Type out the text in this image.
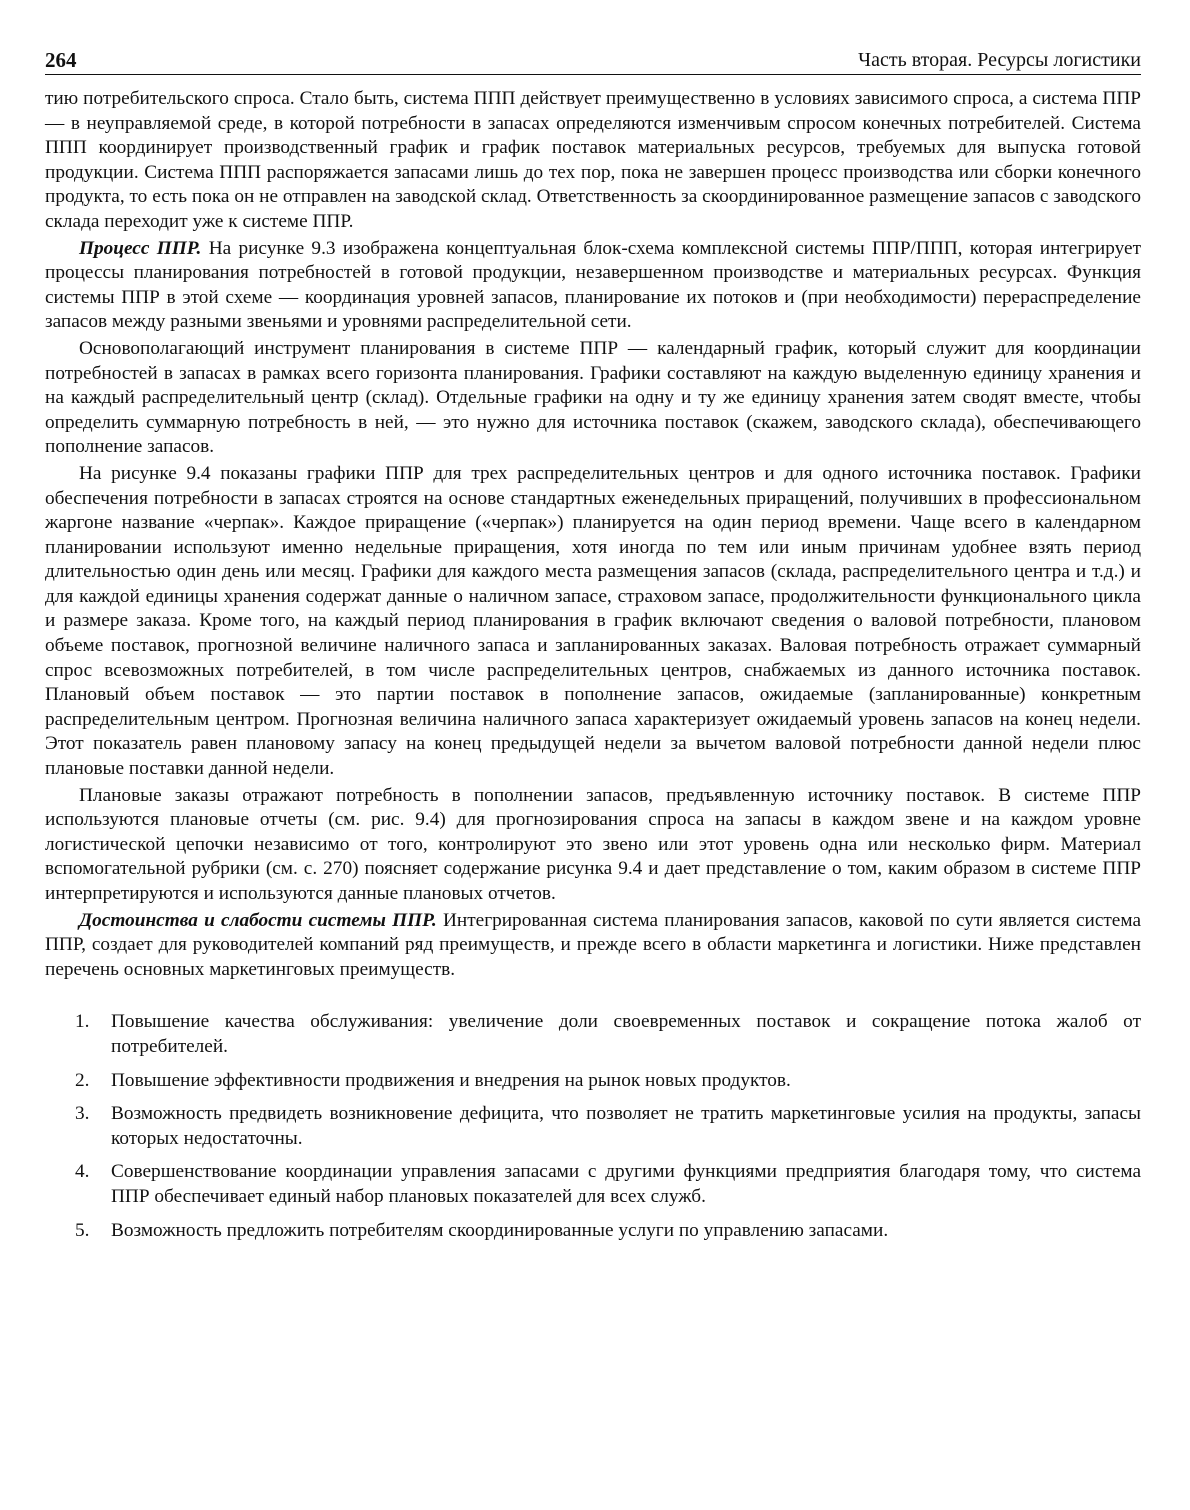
264	Часть вторая. Ресурсы логистики

тию потребительского спроса. Стало быть, система ППП действует преимущественно в условиях зависимого спроса, а система ППР — в неуправляемой среде, в которой потребности в запасах определяются изменчивым спросом конечных потребителей. Система ППП координирует производственный график и график поставок материальных ресурсов, требуемых для выпуска готовой продукции. Система ППП распоряжается запасами лишь до тех пор, пока не завершен процесс производства или сборки конечного продукта, то есть пока он не отправлен на заводской склад. Ответственность за скоординированное размещение запасов с заводского склада переходит уже к системе ППР.

Процесс ППР. На рисунке 9.3 изображена концептуальная блок-схема комплексной системы ППР/ППП, которая интегрирует процессы планирования потребностей в готовой продукции, незавершенном производстве и материальных ресурсах. Функция системы ППР в этой схеме — координация уровней запасов, планирование их потоков и (при необходимости) перераспределение запасов между разными звеньями и уровнями распределительной сети.

Основополагающий инструмент планирования в системе ППР — календарный график, который служит для координации потребностей в запасах в рамках всего горизонта планирования. Графики составляют на каждую выделенную единицу хранения и на каждый распределительный центр (склад). Отдельные графики на одну и ту же единицу хранения затем сводят вместе, чтобы определить суммарную потребность в ней, — это нужно для источника поставок (скажем, заводского склада), обеспечивающего пополнение запасов.

На рисунке 9.4 показаны графики ППР для трех распределительных центров и для одного источника поставок. Графики обеспечения потребности в запасах строятся на основе стандартных еженедельных приращений, получивших в профессиональном жаргоне название «черпак». Каждое приращение («черпак») планируется на один период времени. Чаще всего в календарном планировании используют именно недельные приращения, хотя иногда по тем или иным причинам удобнее взять период длительностью один день или месяц. Графики для каждого места размещения запасов (склада, распределительного центра и т.д.) и для каждой единицы хранения содержат данные о наличном запасе, страховом запасе, продолжительности функционального цикла и размере заказа. Кроме того, на каждый период планирования в график включают сведения о валовой потребности, плановом объеме поставок, прогнозной величине наличного запаса и запланированных заказах. Валовая потребность отражает суммарный спрос всевозможных потребителей, в том числе распределительных центров, снабжаемых из данного источника поставок. Плановый объем поставок — это партии поставок в пополнение запасов, ожидаемые (запланированные) конкретным распределительным центром. Прогнозная величина наличного запаса характеризует ожидаемый уровень запасов на конец недели. Этот показатель равен плановому запасу на конец предыдущей недели за вычетом валовой потребности данной недели плюс плановые поставки данной недели.

Плановые заказы отражают потребность в пополнении запасов, предъявленную источнику поставок. В системе ППР используются плановые отчеты (см. рис. 9.4) для прогнозирования спроса на запасы в каждом звене и на каждом уровне логистической цепочки независимо от того, контролируют это звено или этот уровень одна или несколько фирм. Материал вспомогательной рубрики (см. с. 270) поясняет содержание рисунка 9.4 и дает представление о том, каким образом в системе ППР интерпретируются и используются данные плановых отчетов.

Достоинства и слабости системы ППР. Интегрированная система планирования запасов, каковой по сути является система ППР, создает для руководителей компаний ряд преимуществ, и прежде всего в области маркетинга и логистики. Ниже представлен перечень основных маркетинговых преимуществ.

1.	Повышение качества обслуживания: увеличение доли своевременных поставок и сокращение потока жалоб от потребителей.
2.	Повышение эффективности продвижения и внедрения на рынок новых продуктов.
3.	Возможность предвидеть возникновение дефицита, что позволяет не тратить маркетинговые усилия на продукты, запасы которых недостаточны.
4.	Совершенствование координации управления запасами с другими функциями предприятия благодаря тому, что система ППР обеспечивает единый набор плановых показателей для всех служб.
5.	Возможность предложить потребителям скоординированные услуги по управлению запасами.
